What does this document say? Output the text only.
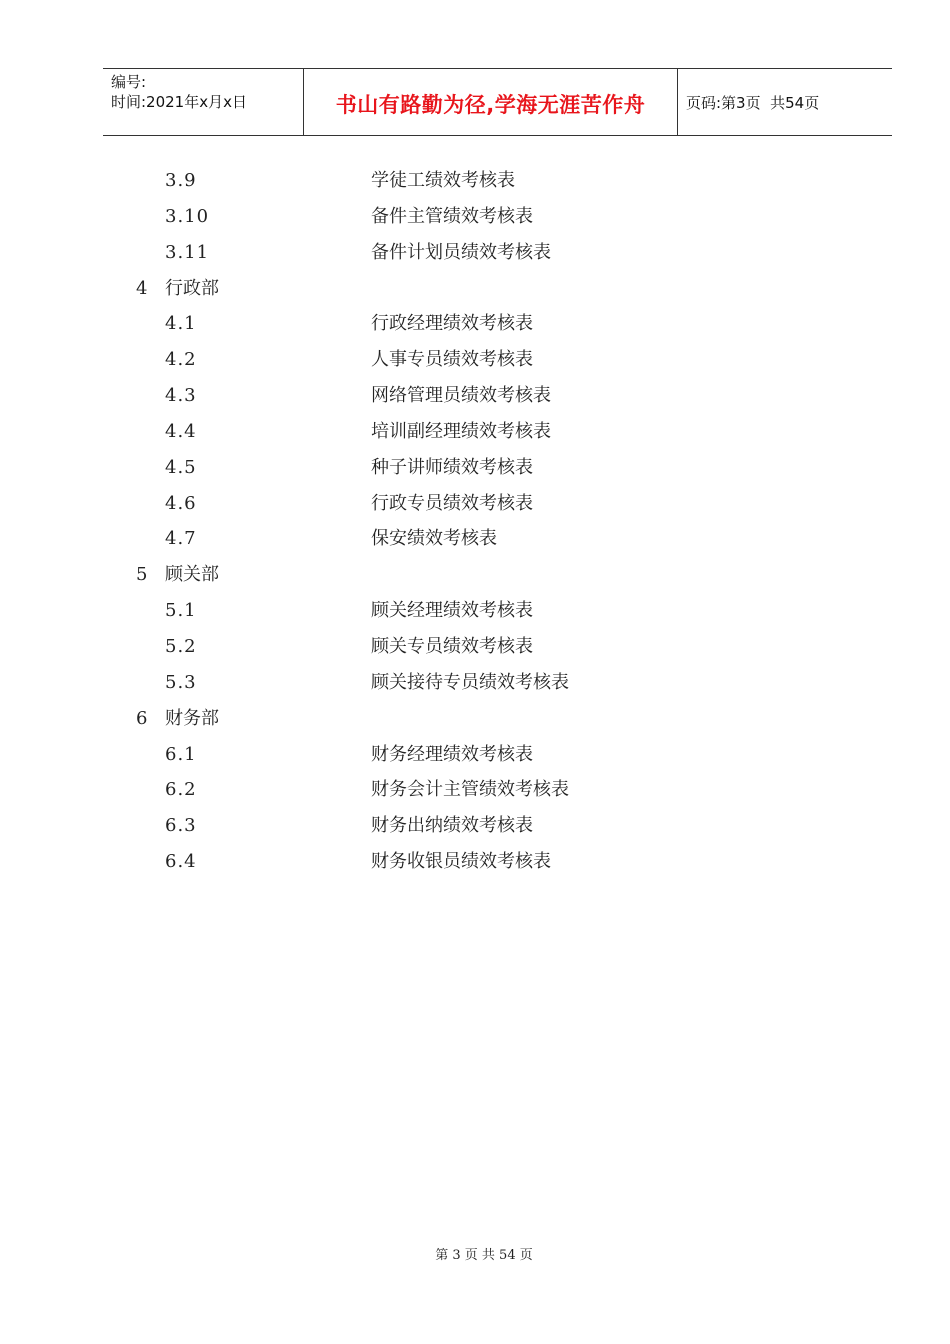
编号:
时间:2021年x月x日	书山有路勤为径,学海无涯苦作舟	页码:第3页  共54页
3.9	学徒工绩效考核表
3.10	备件主管绩效考核表
3.11	备件计划员绩效考核表
4 行政部
4.1	行政经理绩效考核表
4.2	人事专员绩效考核表
4.3	网络管理员绩效考核表
4.4	培训副经理绩效考核表
4.5	种子讲师绩效考核表
4.6	行政专员绩效考核表
4.7	保安绩效考核表
5 顾关部
5.1	顾关经理绩效考核表
5.2	顾关专员绩效考核表
5.3	顾关接待专员绩效考核表
6 财务部
6.1	财务经理绩效考核表
6.2	财务会计主管绩效考核表
6.3	财务出纳绩效考核表
6.4	财务收银员绩效考核表
第 3 页 共 54 页
